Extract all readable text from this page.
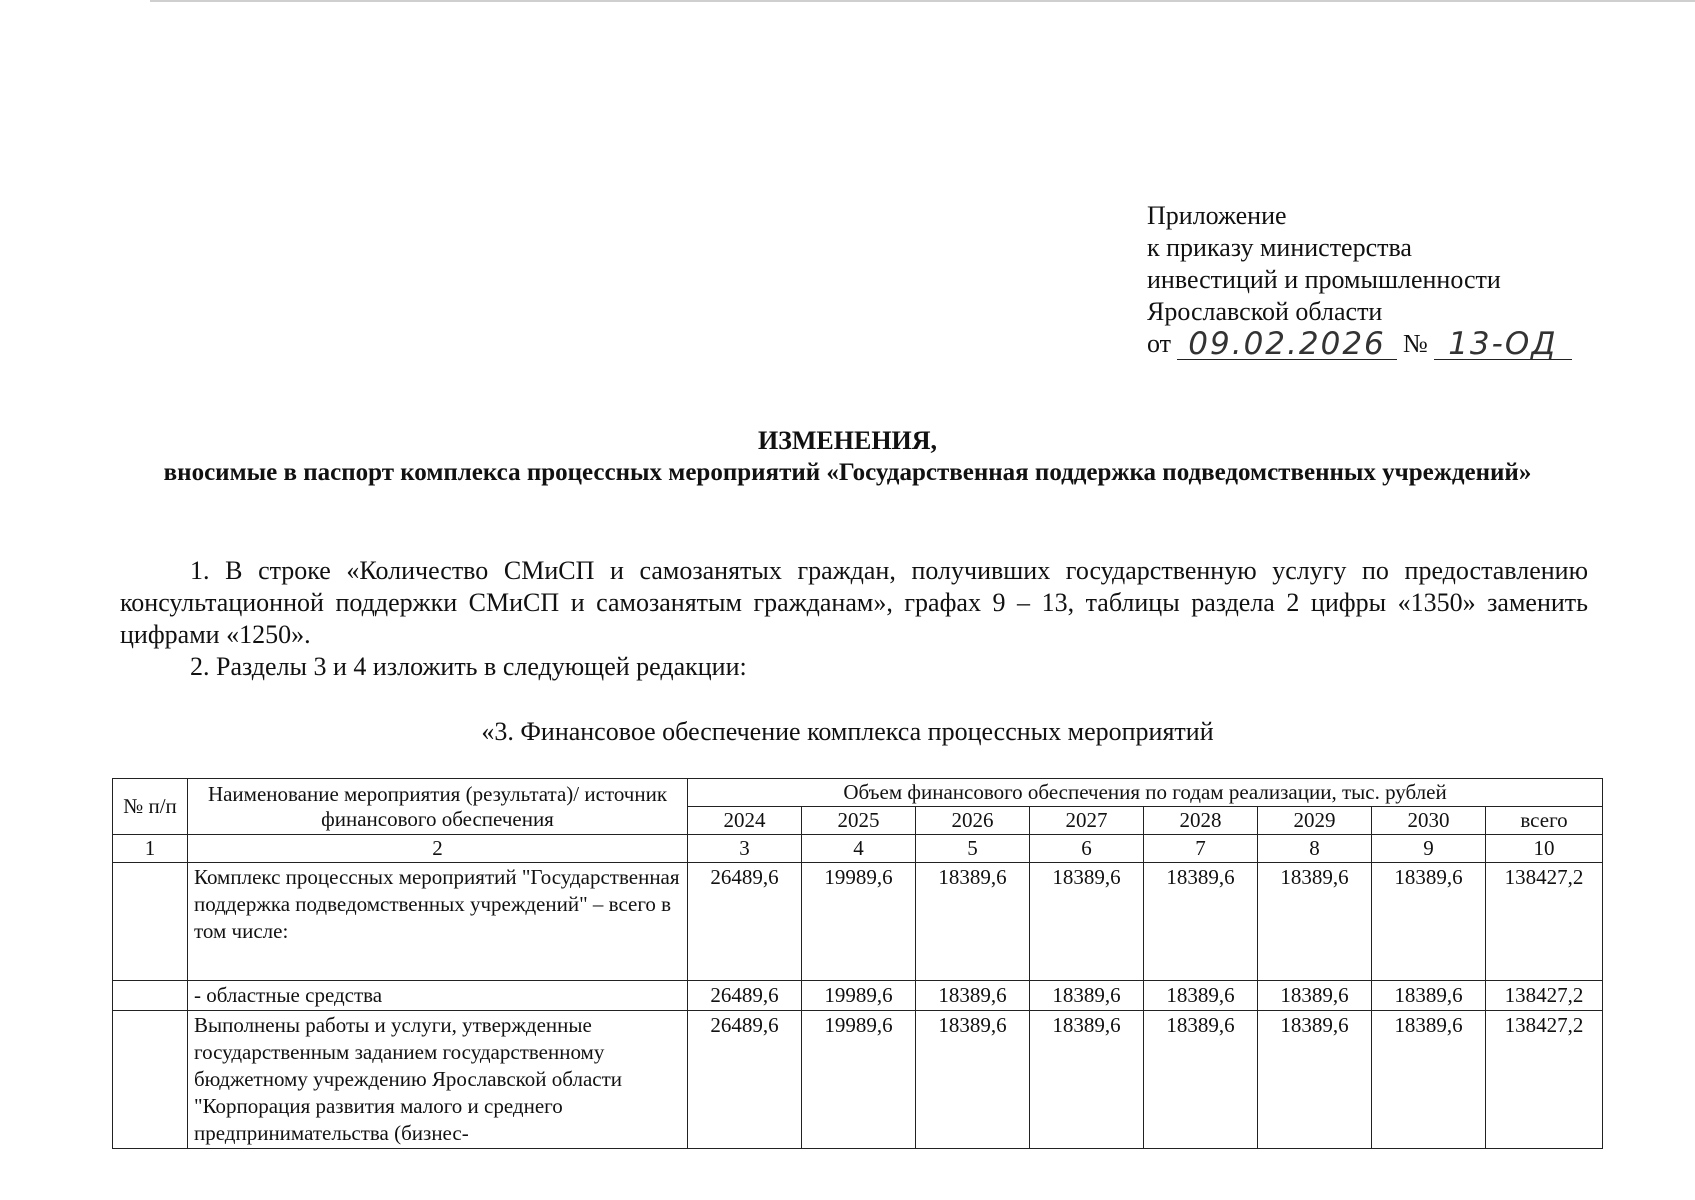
Приложение
к приказу министерства
инвестиций и промышленности
Ярославской области
от 09.02.2026 № 13-ОД
ИЗМЕНЕНИЯ,
вносимые в паспорт комплекса процессных мероприятий «Государственная поддержка подведомственных учреждений»

1. В строке «Количество СМиСП и самозанятых граждан, получивших государственную услугу по предоставлению консультационной поддержки СМиСП и самозанятым гражданам», графах 9 – 13, таблицы раздела 2 цифры «1350» заменить цифрами «1250».

2. Разделы 3 и 4 изложить в следующей редакции:

«3. Финансовое обеспечение комплекса процессных мероприятий
№ п/п	Наименование мероприятия (результата)/ источник финансового обеспечения	Объем финансового обеспечения по годам реализации, тыс. рублей							
		2024	2025	2026	2027	2028	2029	2030	всего
1	2	3	4	5	6	7	8	9	10
	Комплекс процессных мероприятий "Государственная поддержка подведомственных учреждений" – всего в том числе:	26489,6	19989,6	18389,6	18389,6	18389,6	18389,6	18389,6	138427,2
	- областные средства	26489,6	19989,6	18389,6	18389,6	18389,6	18389,6	18389,6	138427,2
	Выполнены работы и услуги, утвержденные государственным заданием государственному бюджетному учреждению Ярославской области "Корпорация развития малого и среднего предпринимательства (бизнес-	26489,6	19989,6	18389,6	18389,6	18389,6	18389,6	18389,6	138427,2
